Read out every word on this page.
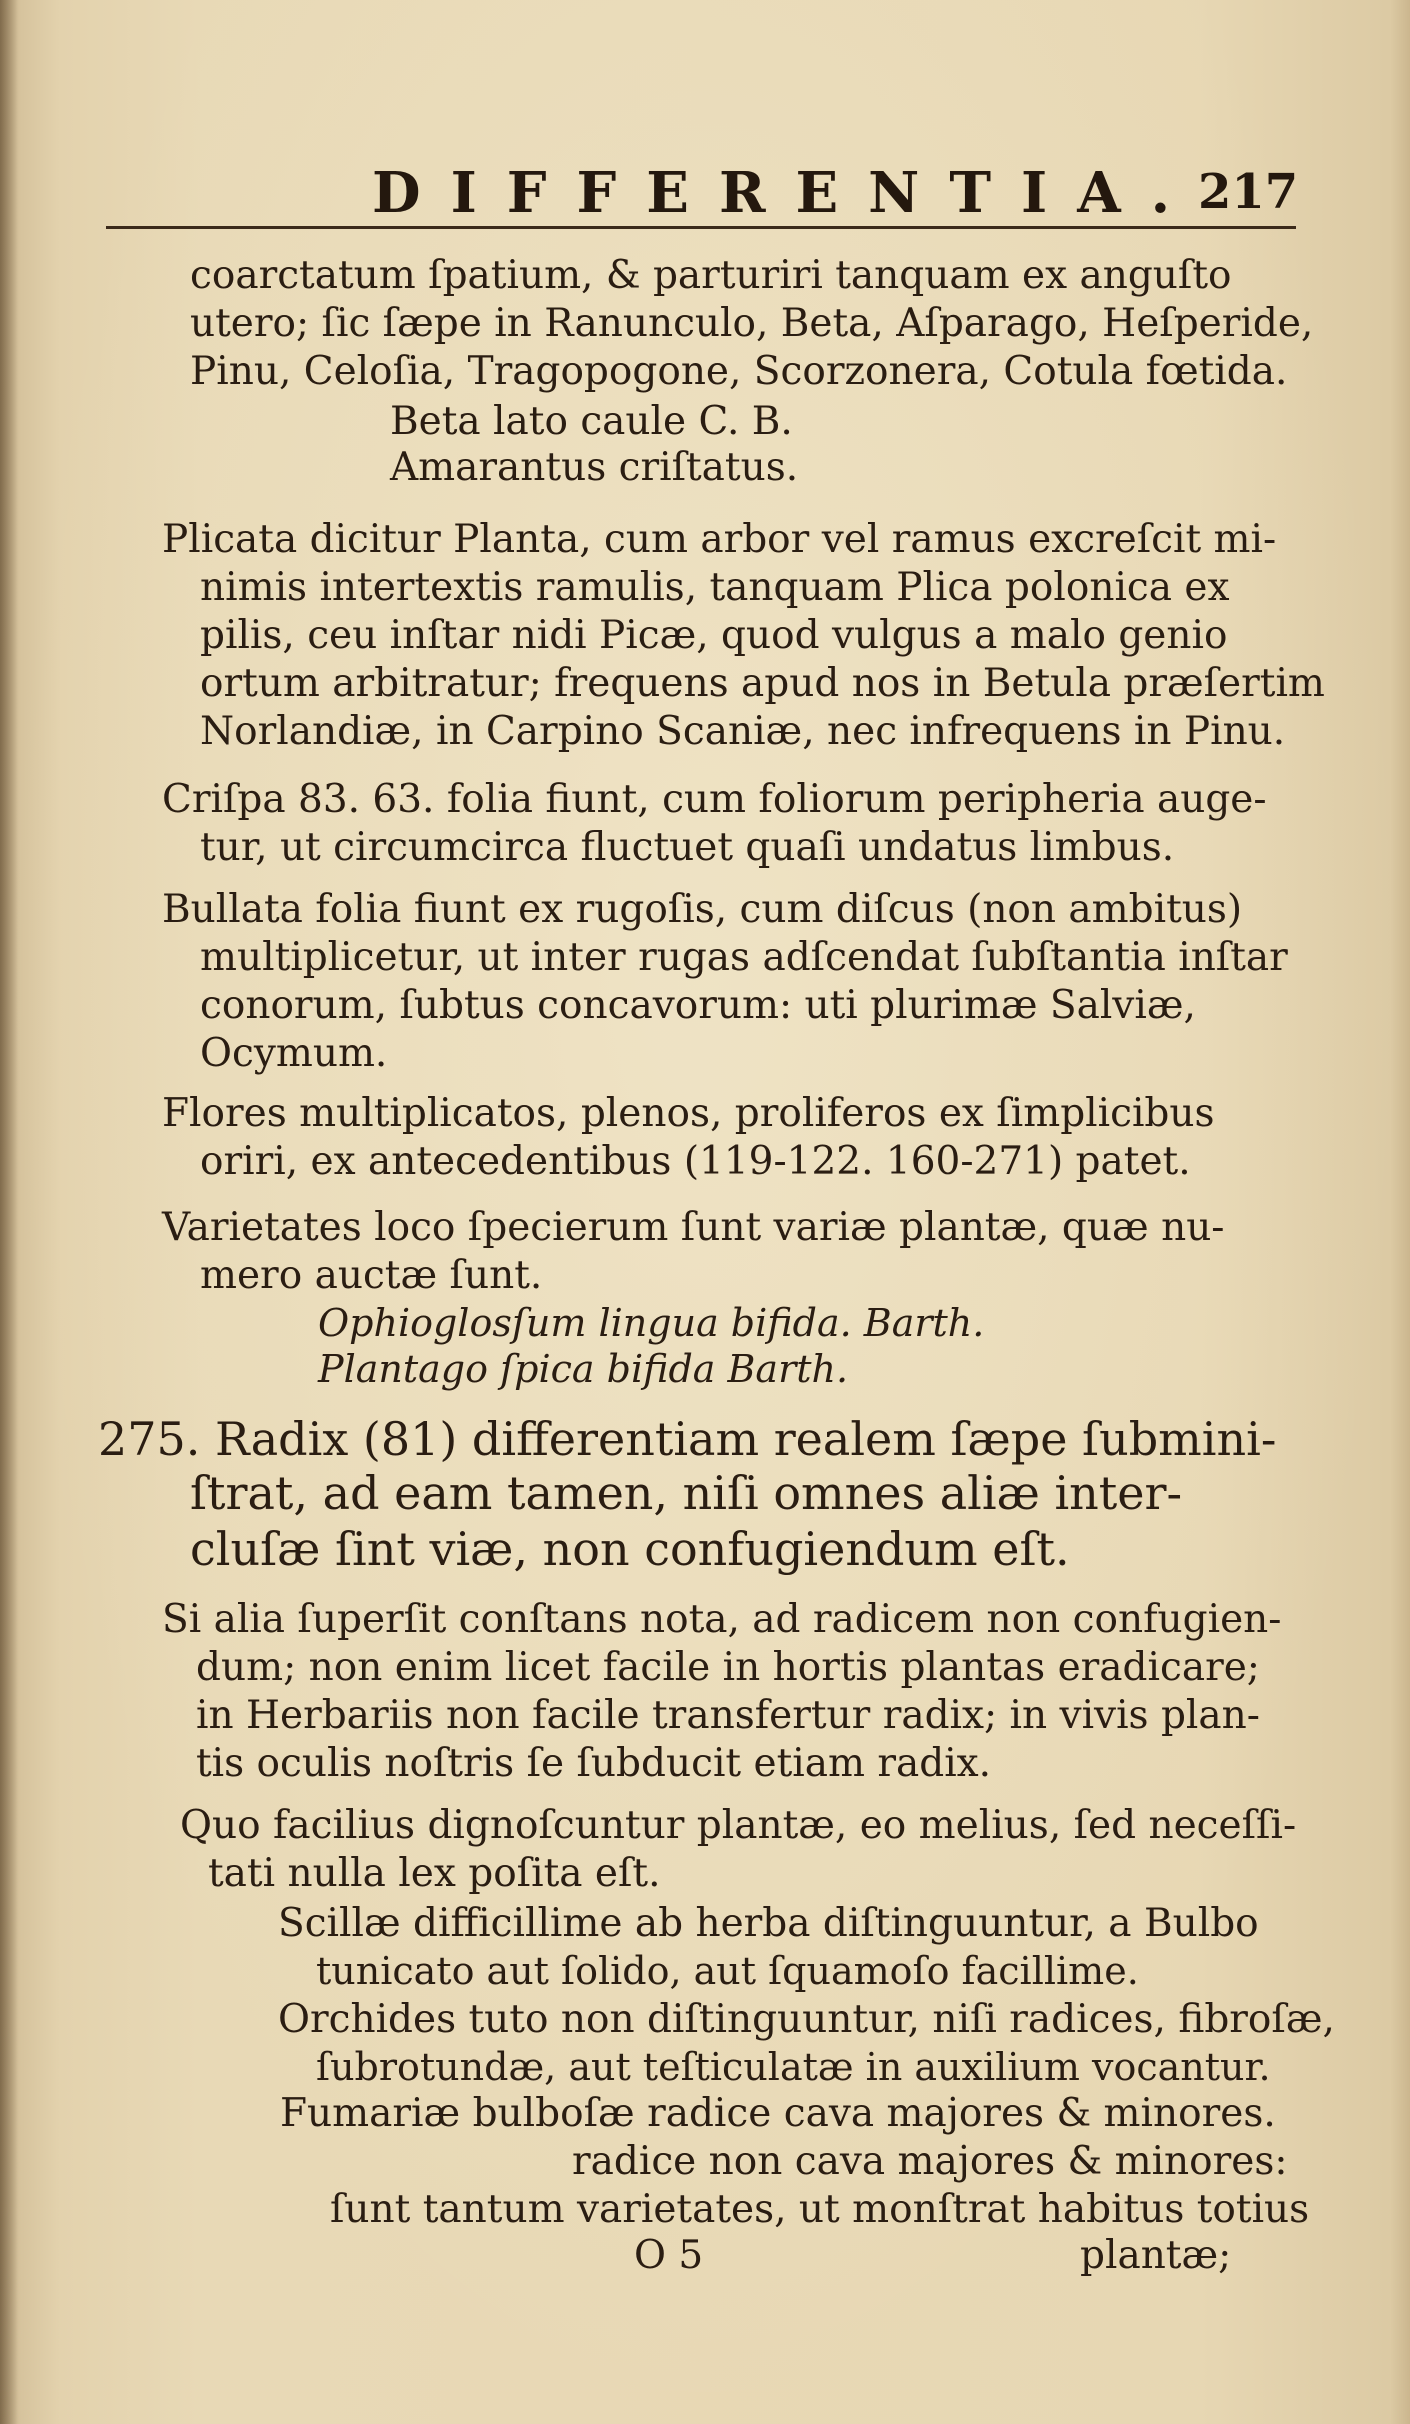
DIFFERENTIA.
217
coarctatum ſpatium, & parturiri tanquam ex anguſto
utero; ſic ſæpe in Ranunculo, Beta, Aſparago, Heſperide,
Pinu, Celoſia, Tragopogone, Scorzonera, Cotula fœtida.
Beta lato caule C. B.
Amarantus criſtatus.
Plicata dicitur Planta, cum arbor vel ramus excreſcit mi-
nimis intertextis ramulis, tanquam Plica polonica ex
pilis, ceu inſtar nidi Picæ, quod vulgus a malo genio
ortum arbitratur; frequens apud nos in Betula præſertim
Norlandiæ, in Carpino Scaniæ, nec infrequens in Pinu.
Criſpa 83. 63. folia fiunt, cum foliorum peripheria auge-
tur, ut circumcirca fluctuet quaſi undatus limbus.
Bullata folia fiunt ex rugoſis, cum diſcus (non ambitus)
multiplicetur, ut inter rugas adſcendat ſubſtantia inſtar
conorum, ſubtus concavorum: uti plurimæ Salviæ,
Ocymum.
Flores multiplicatos, plenos, proliferos ex ſimplicibus
oriri, ex antecedentibus (119-122. 160-271) patet.
Varietates loco ſpecierum ſunt variæ plantæ, quæ nu-
mero auctæ ſunt.
Ophioglosſum lingua bifida. Barth.
Plantago ſpica bifida Barth.
275. Radix (81) differentiam realem ſæpe ſubmini-
ſtrat, ad eam tamen, niſi omnes aliæ inter-
cluſæ ſint viæ, non confugiendum eſt.
Si alia ſuperſit conſtans nota, ad radicem non confugien-
dum; non enim licet facile in hortis plantas eradicare;
in Herbariis non facile transfertur radix; in vivis plan-
tis oculis noſtris ſe ſubducit etiam radix.
Quo facilius dignoſcuntur plantæ, eo melius, ſed neceſſi-
tati nulla lex poſita eſt.
Scillæ difficillime ab herba diſtinguuntur, a Bulbo
tunicato aut ſolido, aut ſquamoſo facillime.
Orchides tuto non diſtinguuntur, niſi radices, fibroſæ,
ſubrotundæ, aut teſticulatæ in auxilium vocantur.
Fumariæ bulboſæ radice cava majores & minores.
radice non cava majores & minores:
ſunt tantum varietates, ut monſtrat habitus totius
O 5	plantæ;
